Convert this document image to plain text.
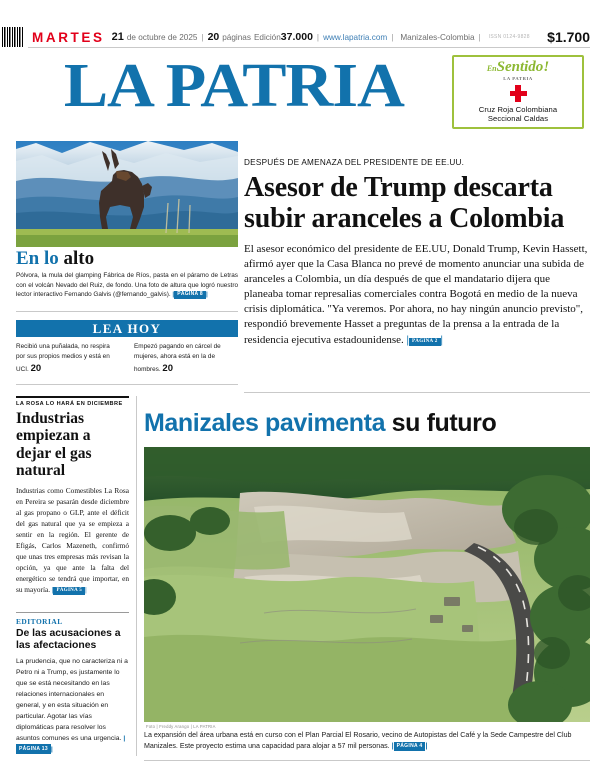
MARTES 21 de octubre de 2025 | 20 páginas Edición 37.000 | www.lapatria.com | Manizales-Colombia | ISSN 0124-9828 $1.700
LA PATRIA	EnSentido!
LA PATRIA
Cruz Roja Colombiana
Seccional Caldas
En lo alto

Pólvora, la mula del glamping Fábrica de Ríos, pasta en el páramo de Letras con el volcán Nevado del Ruiz, de fondo. Una foto de altura que logró nuestro lector interactivo Fernando Galvis (@fernando_galvis). PÁGINA 8 |

LEA HOY
Recibió una puñalada, no respira por sus propios medios y está en UCI. 20
Empezó pagando en cárcel de mujeres, ahora está en la de hombres. 20
LA ROSA LO HARÁ EN DICIEMBRE
Industrias empiezan a dejar el gas natural
Industrias como Comestibles La Rosa en Pereira se pasarán desde diciembre al gas propano o GLP, ante el déficit del gas natural que ya se empieza a sentir en la región. El gerente de Efigás, Carlos Mazeneth, confirmó que unas tres empresas más revisan la opción, ya que ante la falta del energético se tendrá que importar, en su mayoría. PÁGINA 5 |
EDITORIAL
De las acusaciones a las afectaciones
La prudencia, que no caracteriza ni a Petro ni a Trump, es justamente lo que se está necesitando en las relaciones internacionales en general, y en esta situación en particular. Agotar las vías diplomáticas para resolver los asuntos comunes es una urgencia. |PÁGINA 13 |
DESPUÉS DE AMENAZA DEL PRESIDENTE DE EE.UU.
Asesor de Trump descarta subir aranceles a Colombia
El asesor económico del presidente de EE.UU, Donald Trump, Kevin Hassett, afirmó ayer que la Casa Blanca no prevé de momento anunciar una subida de aranceles a Colombia, un día después de que el mandatario dijera que planeaba tomar represalias comerciales contra Bogotá en medio de la nueva crisis diplomática. "Ya veremos. Por ahora, no hay ningún anuncio previsto", respondió brevemente Hasset a preguntas de la prensa a la entrada de la residencia ejecutiva estadounidense. | PÁGINA 2 |
Manizales pavimenta su futuro
Foto | Freddy Arango | LA PATRIA
La expansión del área urbana está en curso con el Plan Parcial El Rosario, vecino de Autopistas del Café y la Sede Campestre del Club Manizales. Este proyecto estima una capacidad para alojar a 57 mil personas. | PÁGINA 4 |
